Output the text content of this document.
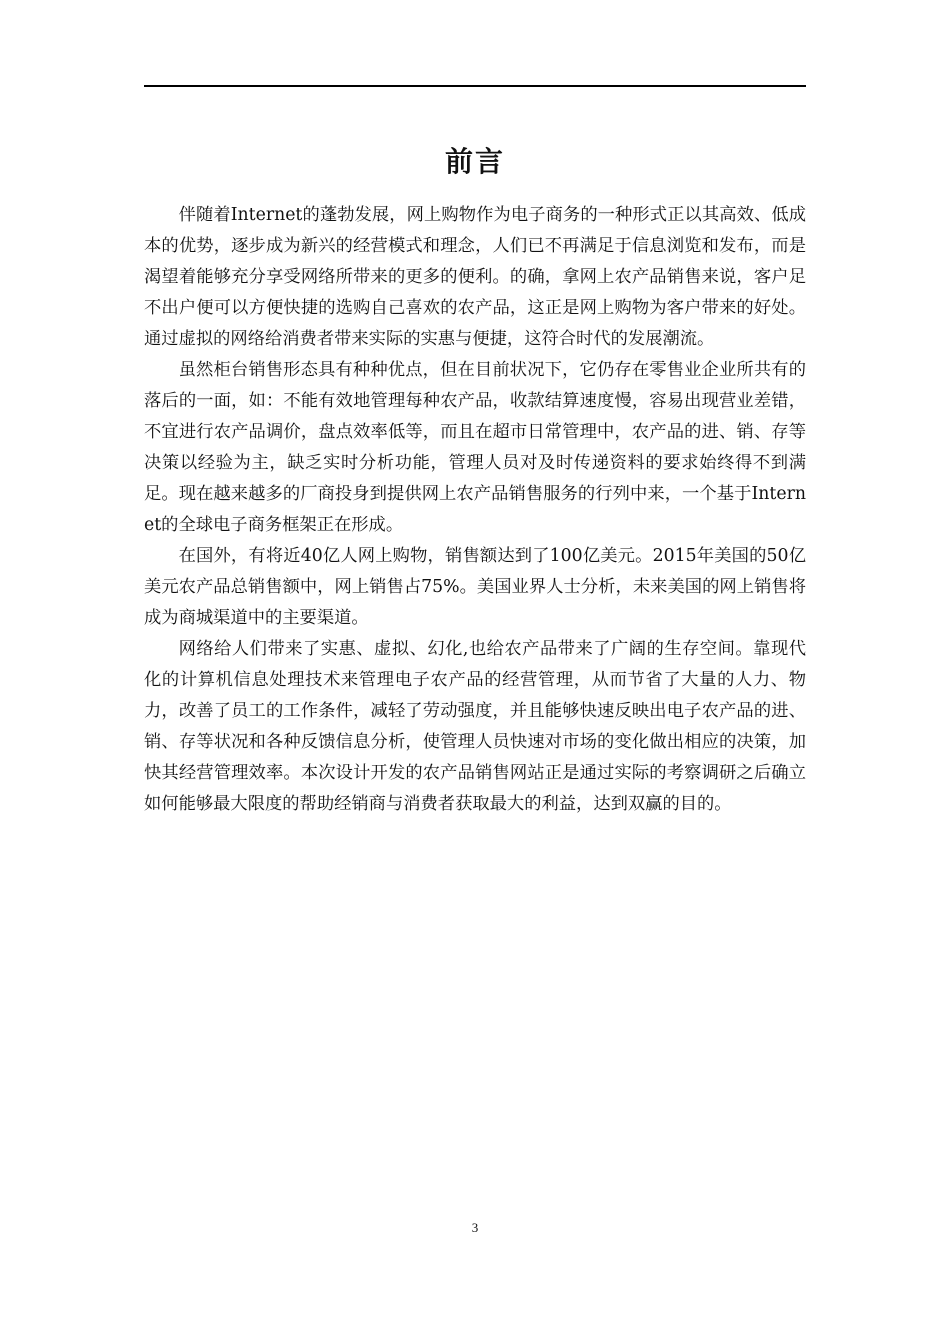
前言

伴随着Internet的蓬勃发展，网上购物作为电子商务的一种形式正以其高效、低成本的优势，逐步成为新兴的经营模式和理念，人们已不再满足于信息浏览和发布，而是渴望着能够充分享受网络所带来的更多的便利。的确，拿网上农产品销售来说，客户足不出户便可以方便快捷的选购自己喜欢的农产品，这正是网上购物为客户带来的好处。通过虚拟的网络给消费者带来实际的实惠与便捷，这符合时代的发展潮流。

虽然柜台销售形态具有种种优点，但在目前状况下，它仍存在零售业企业所共有的落后的一面，如：不能有效地管理每种农产品，收款结算速度慢，容易出现营业差错，不宜进行农产品调价，盘点效率低等，而且在超市日常管理中，农产品的进、销、存等决策以经验为主，缺乏实时分析功能，管理人员对及时传递资料的要求始终得不到满足。现在越来越多的厂商投身到提供网上农产品销售服务的行列中来，一个基于Internet的全球电子商务框架正在形成。

在国外，有将近40亿人网上购物，销售额达到了100亿美元。2015年美国的50亿美元农产品总销售额中，网上销售占75%。美国业界人士分析，未来美国的网上销售将成为商城渠道中的主要渠道。

网络给人们带来了实惠、虚拟、幻化,也给农产品带来了广阔的生存空间。靠现代化的计算机信息处理技术来管理电子农产品的经营管理，从而节省了大量的人力、物力，改善了员工的工作条件，减轻了劳动强度，并且能够快速反映出电子农产品的进、销、存等状况和各种反馈信息分析，使管理人员快速对市场的变化做出相应的决策，加快其经营管理效率。本次设计开发的农产品销售网站正是通过实际的考察调研之后确立如何能够最大限度的帮助经销商与消费者获取最大的利益，达到双赢的目的。

3
